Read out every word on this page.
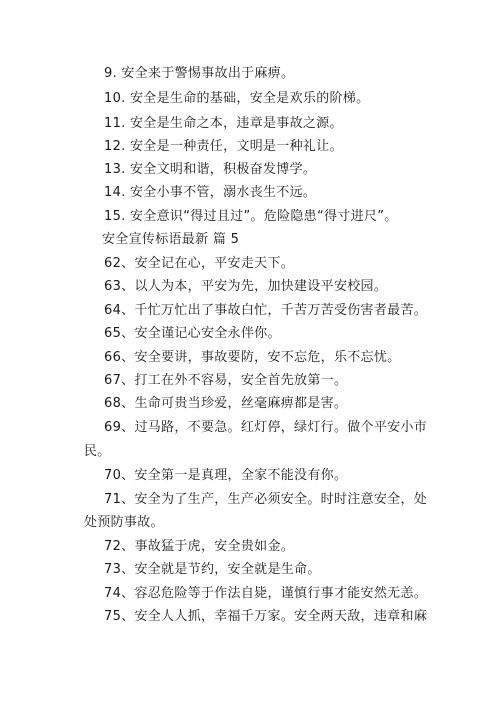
9. 安全来于警惕事故出于麻痹。
10. 安全是生命的基础，安全是欢乐的阶梯。
11. 安全是生命之本，违章是事故之源。
12. 安全是一种责任，文明是一种礼让。
13. 安全文明和谐，积极奋发博学。
14. 安全小事不管，溺水丧生不远。
15. 安全意识“得过且过”。危险隐患“得寸进尺”。
安全宣传标语最新 篇 5
62、安全记在心，平安走天下。
63、以人为本，平安为先，加快建设平安校园。
64、千忙万忙出了事故白忙，千苦万苦受伤害者最苦。
65、安全谨记心安全永伴你。
66、安全要讲，事故要防，安不忘危，乐不忘忧。
67、打工在外不容易，安全首先放第一。
68、生命可贵当珍爱，丝毫麻痹都是害。
69、过马路，不要急。红灯停，绿灯行。做个平安小市
民。
70、安全第一是真理，全家不能没有你。
71、安全为了生产，生产必须安全。时时注意安全，处
处预防事故。
72、事故猛于虎，安全贵如金。
73、安全就是节约，安全就是生命。
74、容忍危险等于作法自毙，谨慎行事才能安然无恙。
75、安全人人抓，幸福千万家。安全两天敌，违章和麻
